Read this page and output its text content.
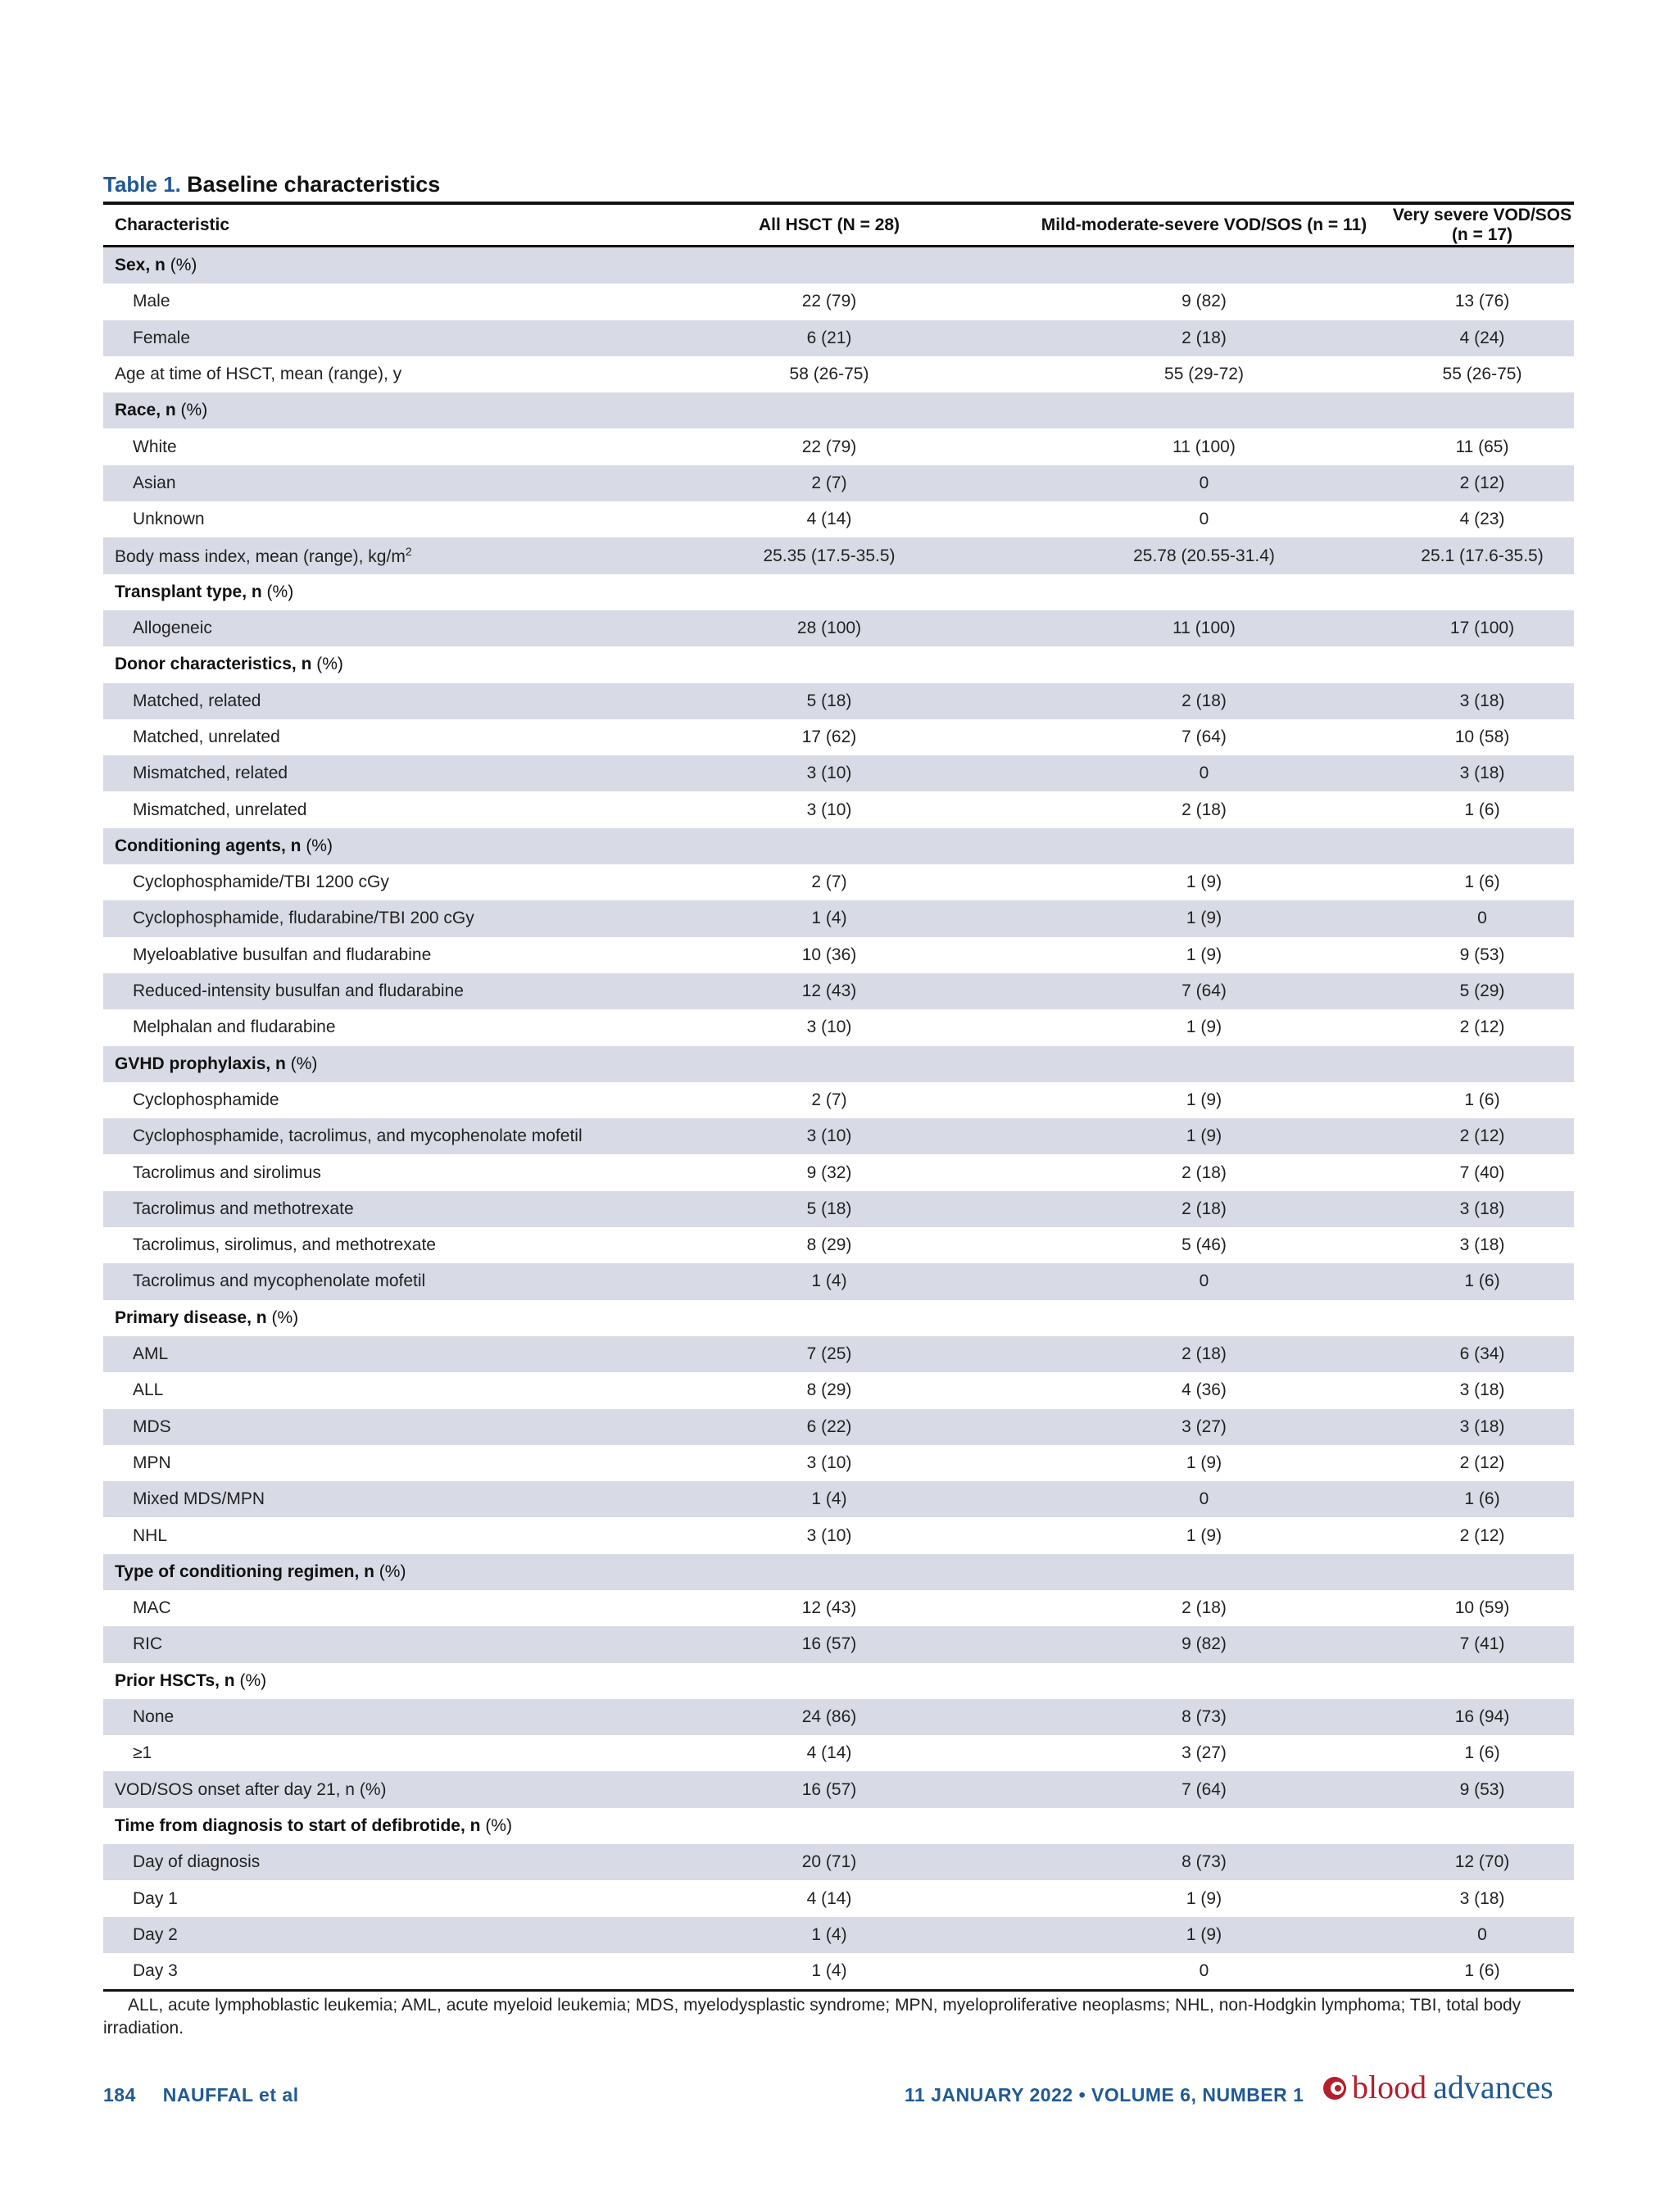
Table 1. Baseline characteristics
Characteristic	All HSCT (N = 28)	Mild-moderate-severe VOD/SOS (n = 11)	Very severe VOD/SOS (n = 17)
Sex, n (%)			
Male	22 (79)	9 (82)	13 (76)
Female	6 (21)	2 (18)	4 (24)
Age at time of HSCT, mean (range), y	58 (26-75)	55 (29-72)	55 (26-75)
Race, n (%)			
White	22 (79)	11 (100)	11 (65)
Asian	2 (7)	0	2 (12)
Unknown	4 (14)	0	4 (23)
Body mass index, mean (range), $kg/m^2$	25.35 (17.5-35.5)	25.78 (20.55-31.4)	25.1 (17.6-35.5)
Transplant type, n (%)			
Allogeneic	28 (100)	11 (100)	17 (100)
Donor characteristics, n (%)			
Matched, related	5 (18)	2 (18)	3 (18)
Matched, unrelated	17 (62)	7 (64)	10 (58)
Mismatched, related	3 (10)	0	3 (18)
Mismatched, unrelated	3 (10)	2 (18)	1 (6)
Conditioning agents, n (%)			
Cyclophosphamide/TBI 1200 cGy	2 (7)	1 (9)	1 (6)
Cyclophosphamide, fludarabine/TBI 200 cGy	1 (4)	1 (9)	0
Myeloablative busulfan and fludarabine	10 (36)	1 (9)	9 (53)
Reduced-intensity busulfan and fludarabine	12 (43)	7 (64)	5 (29)
Melphalan and fludarabine	3 (10)	1 (9)	2 (12)
GVHD prophylaxis, n (%)			
Cyclophosphamide	2 (7)	1 (9)	1 (6)
Cyclophosphamide, tacrolimus, and mycophenolate mofetil	3 (10)	1 (9)	2 (12)
Tacrolimus and sirolimus	9 (32)	2 (18)	7 (40)
Tacrolimus and methotrexate	5 (18)	2 (18)	3 (18)
Tacrolimus, sirolimus, and methotrexate	8 (29)	5 (46)	3 (18)
Tacrolimus and mycophenolate mofetil	1 (4)	0	1 (6)
Primary disease, n (%)			
AML	7 (25)	2 (18)	6 (34)
ALL	8 (29)	4 (36)	3 (18)
MDS	6 (22)	3 (27)	3 (18)
MPN	3 (10)	1 (9)	2 (12)
Mixed MDS/MPN	1 (4)	0	1 (6)
NHL	3 (10)	1 (9)	2 (12)
Type of conditioning regimen, n (%)			
MAC	12 (43)	2 (18)	10 (59)
RIC	16 (57)	9 (82)	7 (41)
Prior HSCTs, n (%)			
None	24 (86)	8 (73)	16 (94)
≥1	4 (14)	3 (27)	1 (6)
VOD/SOS onset after day 21, n (%)	16 (57)	7 (64)	9 (53)
Time from diagnosis to start of defibrotide, n (%)			
Day of diagnosis	20 (71)	8 (73)	12 (70)
Day 1	4 (14)	1 (9)	3 (18)
Day 2	1 (4)	1 (9)	0
Day 3	1 (4)	0	1 (6)
ALL, acute lymphoblastic leukemia; AML, acute myeloid leukemia; MDS, myelodysplastic syndrome; MPN, myeloproliferative neoplasms; NHL, non-Hodgkin lymphoma; TBI, total body irradiation.
184 NAUFFAL et al	11 JANUARY 2022 • VOLUME 6, NUMBER 1 blood advances
